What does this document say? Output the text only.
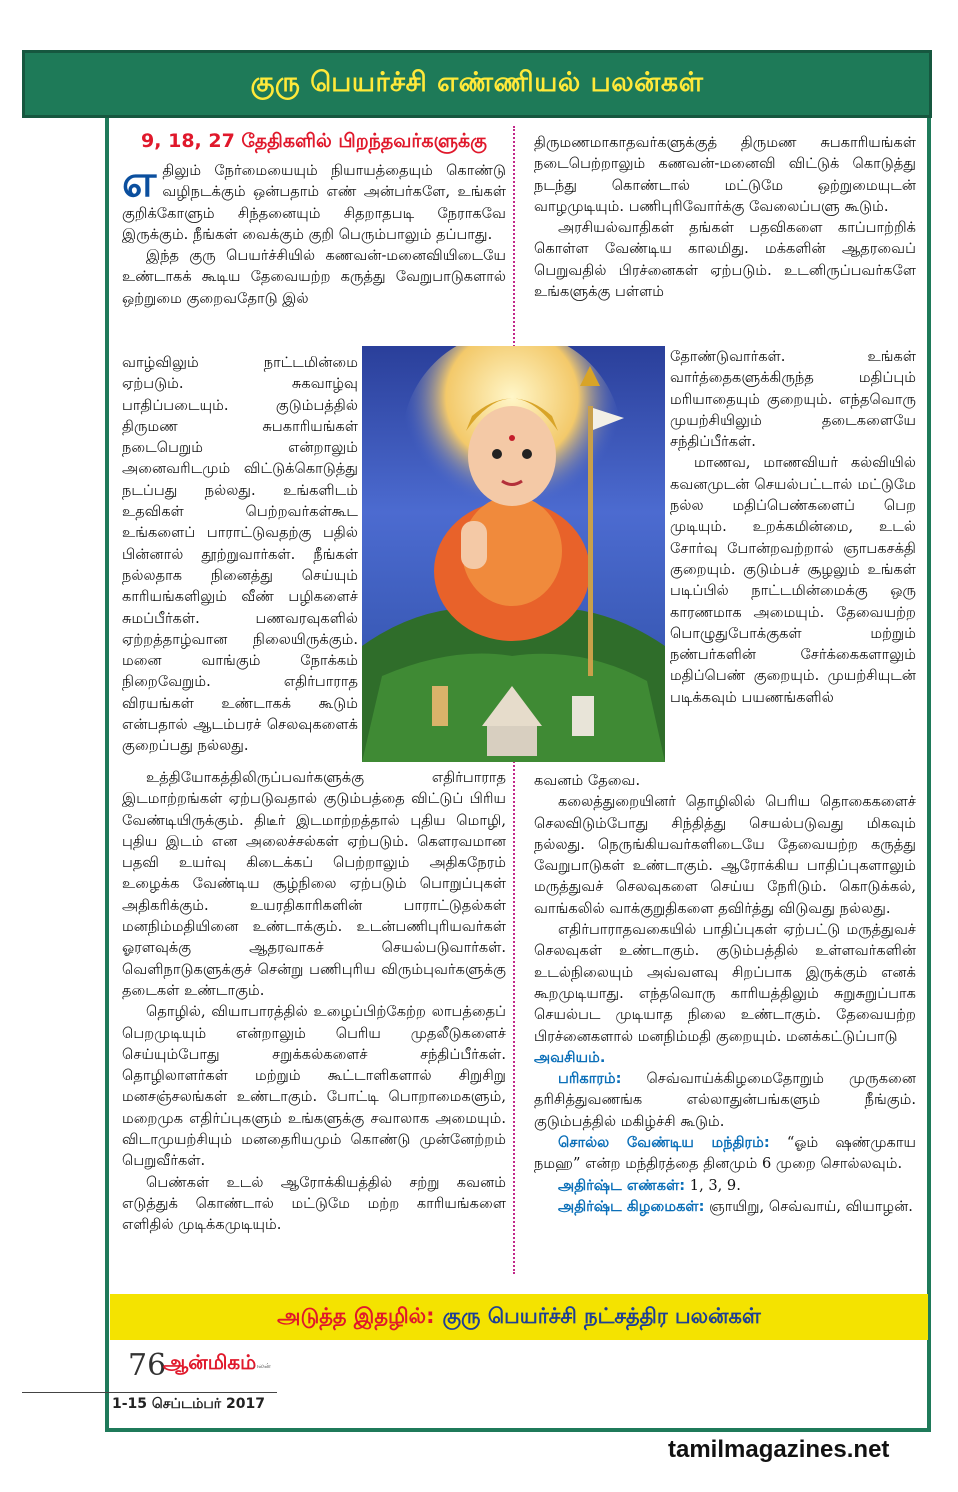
குரு பெயர்ச்சி எண்ணியல் பலன்கள்
9, 18, 27 தேதிகளில் பிறந்தவர்களுக்கு

எதிலும் நேர்மையையும் நியாயத்தையும் கொண்டு வழிநடக்கும் ஒன்பதாம் எண் அன்பர்களே, உங்கள் குறிக்கோளும் சிந்தனையும் சிதறாதபடி நேராகவே இருக்கும். நீங்கள் வைக்கும் குறி பெரும்பாலும் தப்பாது.

இந்த குரு பெயர்ச்சியில் கணவன்-மனைவியிடையே உண்டாகக் கூடிய தேவையற்ற கருத்து வேறுபாடுகளால் ஒற்றுமை குறைவதோடு இல்

வாழ்விலும் நாட்டமின்மை ஏற்படும். சுகவாழ்வு பாதிப்படையும். குடும்பத்தில் திருமண சுபகாரியங்கள் நடைபெறும் என்றாலும் அனைவரிடமும் விட்டுக்கொடுத்து நடப்பது நல்லது. உங்களிடம் உதவிகள் பெற்றவர்கள்கூட உங்களைப் பாராட்டுவதற்கு பதில் பின்னால் தூற்றுவார்கள். நீங்கள் நல்லதாக நினைத்து செய்யும் காரியங்களிலும் வீண் பழிகளைச் சுமப்பீர்கள். பணவரவுகளில் ஏற்றத்தாழ்வான நிலையிருக்கும். மனை வாங்கும் நோக்கம் நிறைவேறும். எதிர்பாராத விரயங்கள் உண்டாகக் கூடும் என்பதால் ஆடம்பரச் செலவுகளைக் குறைப்பது நல்லது.

உத்தியோகத்திலிருப்பவர்களுக்கு எதிர்பாராத இடமாற்றங்கள் ஏற்படுவதால் குடும்பத்தை விட்டுப் பிரிய வேண்டியிருக்கும். திடீர் இடமாற்றத்தால் புதிய மொழி, புதிய இடம் என அலைச்சல்கள் ஏற்படும். கௌரவமான பதவி உயர்வு கிடைக்கப் பெற்றாலும் அதிகநேரம் உழைக்க வேண்டிய சூழ்நிலை ஏற்படும் பொறுப்புகள் அதிகரிக்கும். உயரதிகாரிகளின் பாராட்டுதல்கள் மனநிம்மதியினை உண்டாக்கும். உடன்பணிபுரியவர்கள் ஓரளவுக்கு ஆதரவாகச் செயல்படுவார்கள். வெளிநாடுகளுக்குச் சென்று பணிபுரிய விரும்புவர்களுக்கு தடைகள் உண்டாகும்.

தொழில், வியாபாரத்தில் உழைப்பிற்கேற்ற லாபத்தைப் பெறமுடியும் என்றாலும் பெரிய முதலீடுகளைச் செய்யும்போது சறுக்கல்களைச் சந்திப்பீர்கள். தொழிலாளர்கள் மற்றும் கூட்டாளிகளால் சிறுசிறு மனசஞ்சலங்கள் உண்டாகும். போட்டி பொறாமைகளும், மறைமுக எதிர்ப்புகளும் உங்களுக்கு சவாலாக அமையும். விடாமுயற்சியும் மனதைரியமும் கொண்டு முன்னேற்றம் பெறுவீர்கள்.

பெண்கள் உடல் ஆரோக்கியத்தில் சற்று கவனம் எடுத்துக் கொண்டால் மட்டுமே மற்ற காரியங்களை எளிதில் முடிக்கமுடியும்.

திருமணமாகாதவர்களுக்குத் திருமண சுபகாரியங்கள் நடைபெற்றாலும் கணவன்-மனைவி விட்டுக் கொடுத்து நடந்து கொண்டால் மட்டுமே ஒற்றுமையுடன் வாழமுடியும். பணிபுரிவோர்க்கு வேலைப்பளு கூடும்.

அரசியல்வாதிகள் தங்கள் பதவிகளை காப்பாற்றிக் கொள்ள வேண்டிய காலமிது. மக்களின் ஆதரவைப் பெறுவதில் பிரச்னைகள் ஏற்படும். உடனிருப்பவர்களே உங்களுக்கு பள்ளம்

தோண்டுவார்கள். உங்கள் வார்த்தைகளுக்கிருந்த மதிப்பும் மரியாதையும் குறையும். எந்தவொரு முயற்சியிலும் தடைகளையே சந்திப்பீர்கள்.

மாணவ, மாணவியர் கல்வியில் கவனமுடன் செயல்பட்டால் மட்டுமே நல்ல மதிப்பெண்களைப் பெற முடியும். உறக்கமின்மை, உடல் சோர்வு போன்றவற்றால் ஞாபகசக்தி குறையும். குடும்பச் சூழலும் உங்கள் படிப்பில் நாட்டமின்மைக்கு ஒரு காரணமாக அமையும். தேவையற்ற பொழுதுபோக்குகள் மற்றும் நண்பர்களின் சேர்க்கைகளாலும் மதிப்பெண் குறையும். முயற்சியுடன் படிக்கவும் பயணங்களில்

கவனம் தேவை.

கலைத்துறையினர் தொழிலில் பெரிய தொகைகளைச் செலவிடும்போது சிந்தித்து செயல்படுவது மிகவும் நல்லது. நெருங்கியவர்களிடையே தேவையற்ற கருத்து வேறுபாடுகள் உண்டாகும். ஆரோக்கிய பாதிப்புகளாலும் மருத்துவச் செலவுகளை செய்ய நேரிடும். கொடுக்கல், வாங்கலில் வாக்குறுதிகளை தவிர்த்து விடுவது நல்லது.

எதிர்பாராதவகையில் பாதிப்புகள் ஏற்பட்டு மருத்துவச் செலவுகள் உண்டாகும். குடும்பத்தில் உள்ளவர்களின் உடல்நிலையும் அவ்வளவு சிறப்பாக இருக்கும் எனக் கூறமுடியாது. எந்தவொரு காரியத்திலும் சுறுசுறுப்பாக செயல்பட முடியாத நிலை உண்டாகும். தேவையற்ற பிரச்னைகளால் மனநிம்மதி குறையும். மனக்கட்டுப்பாடு

அவசியம்.

பரிகாரம்: செவ்வாய்க்கிழமைதோறும் முருகனை தரிசித்துவணங்க எல்லாதுன்பங்களும் நீங்கும். குடும்பத்தில் மகிழ்ச்சி கூடும்.

சொல்ல வேண்டிய மந்திரம்: “ஓம் ஷண்முகாய நமஹ” என்ற மந்திரத்தை தினமும் 6 முறை சொல்லவும்.

அதிர்ஷ்ட எண்கள்: 1, 3, 9.

அதிர்ஷ்ட கிழமைகள்: ஞாயிறு, செவ்வாய், வியாழன்.

அடுத்த இதழில்: குரு பெயர்ச்சி நட்சத்திர பலன்கள்
76
ஆன்மிகம்
பலன்
1-15 செப்டம்பர் 2017
tamilmagazines.net
